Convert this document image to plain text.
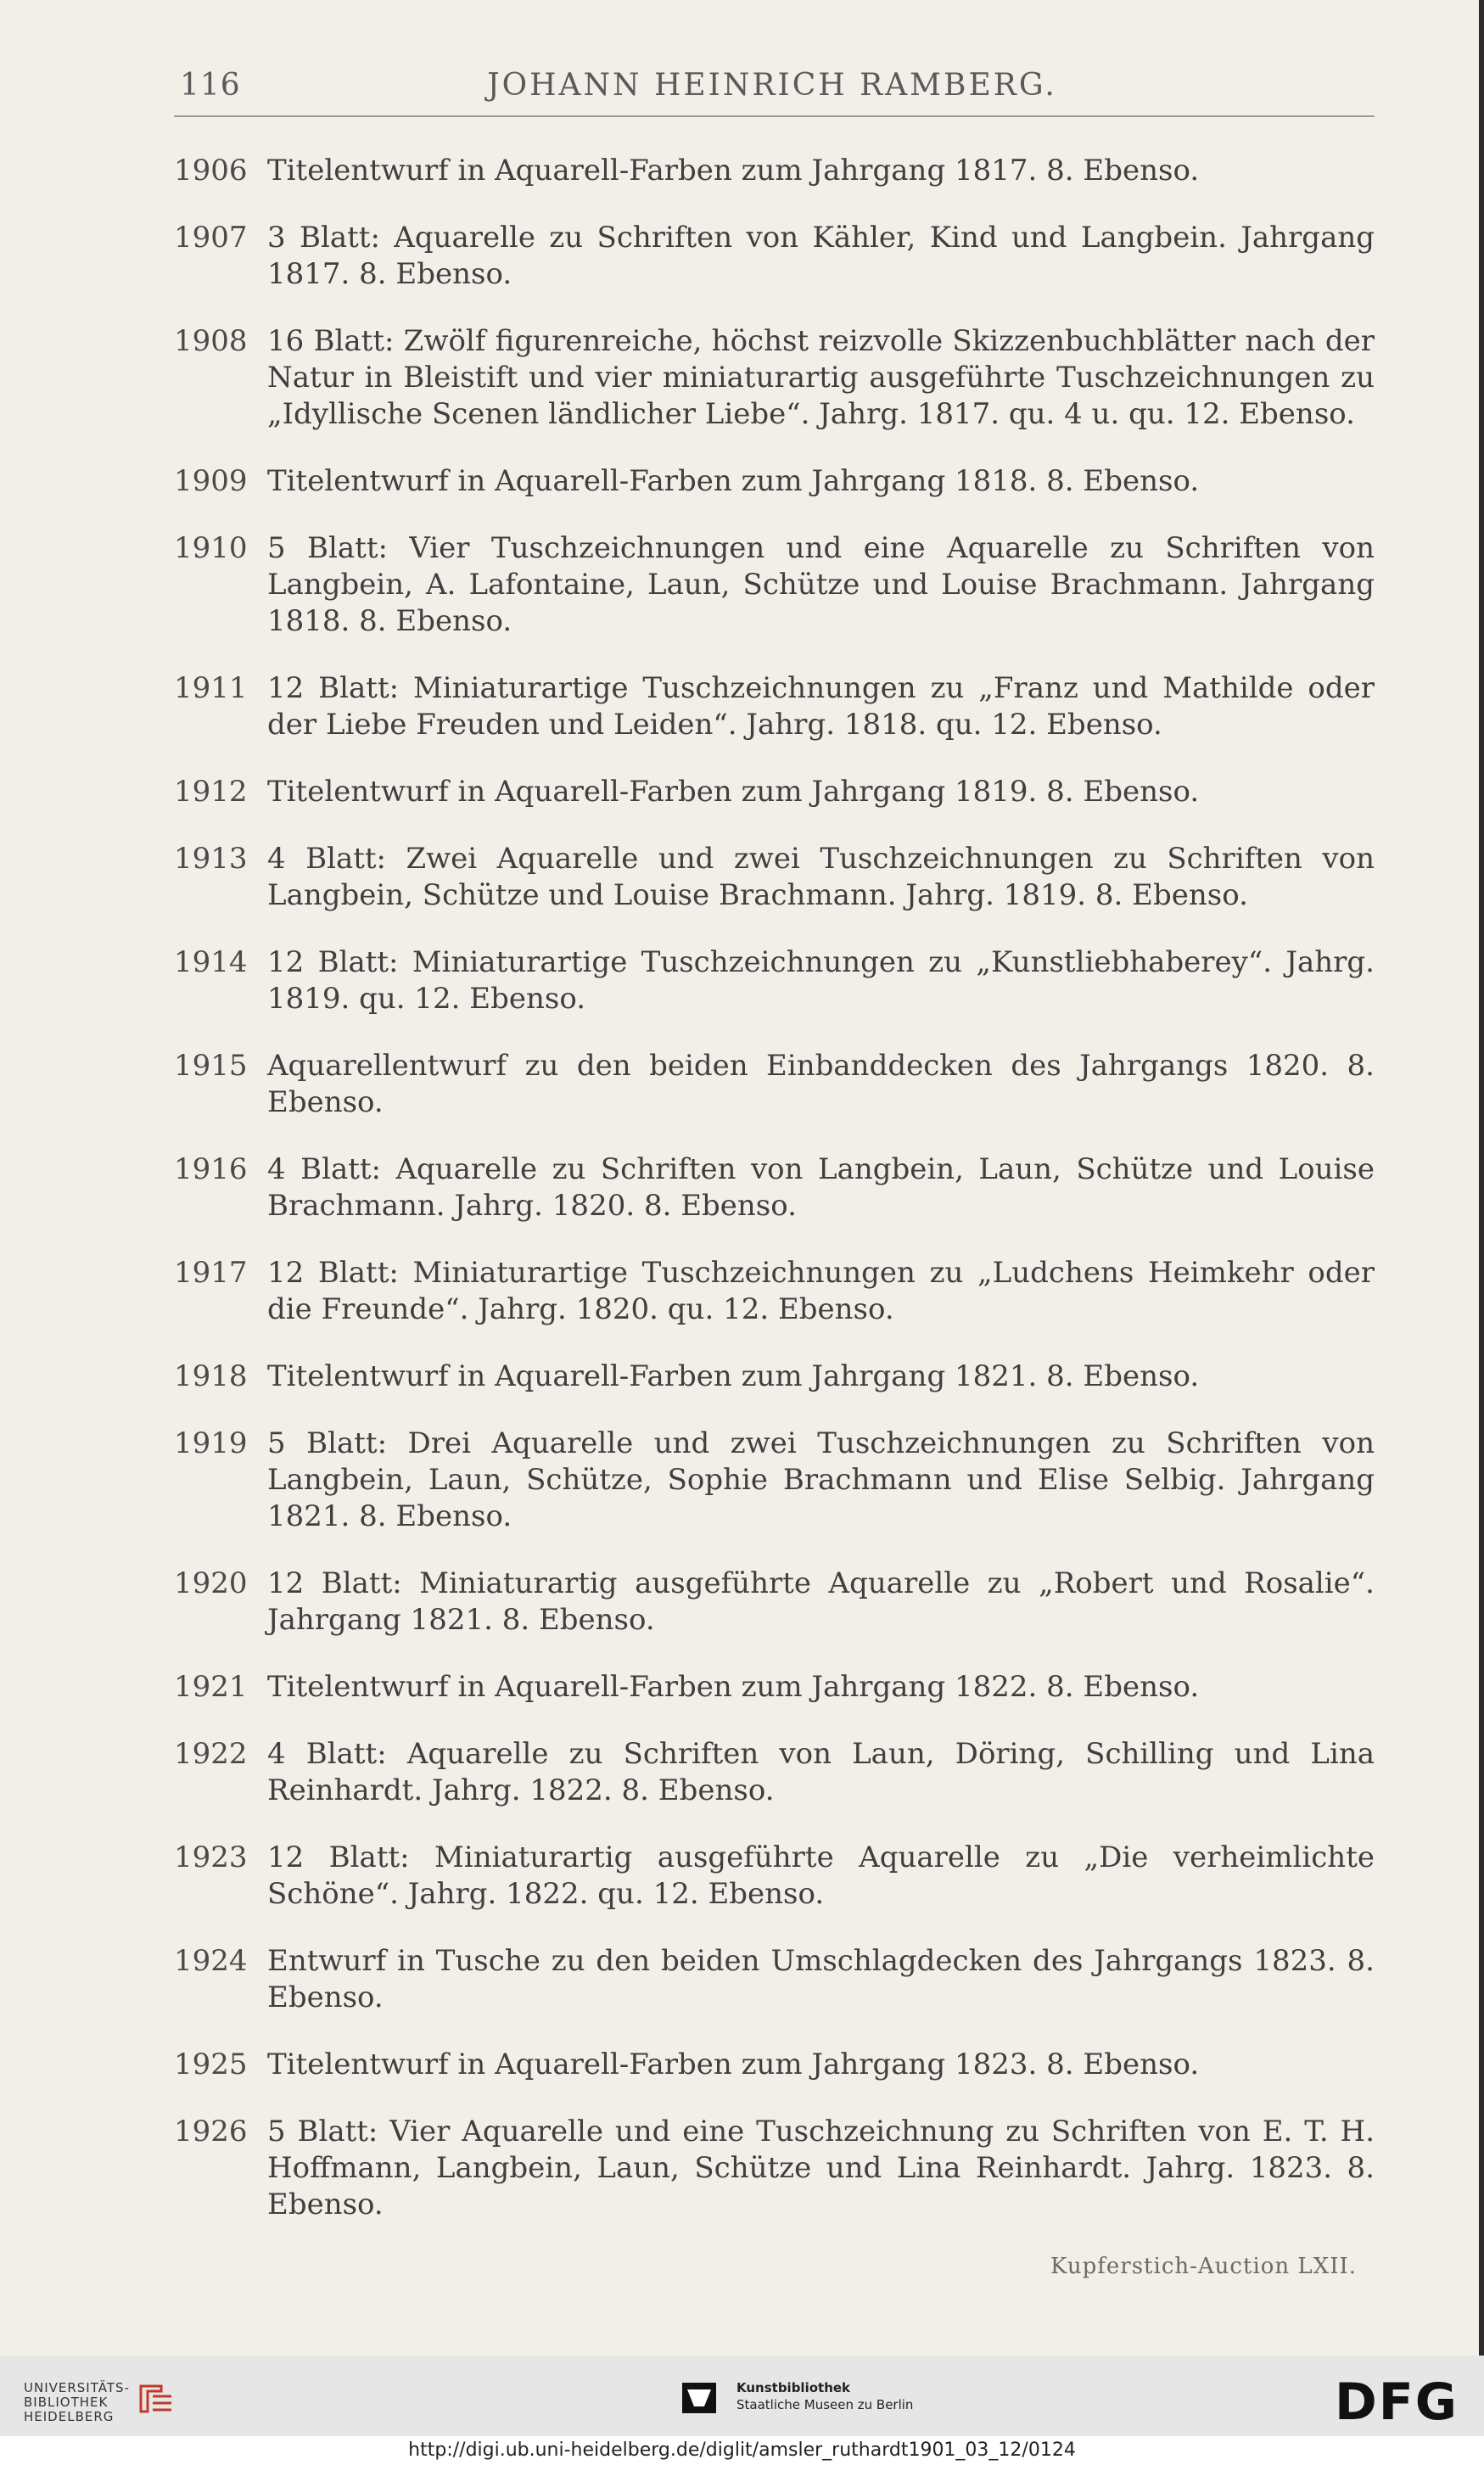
116	JOHANN HEINRICH RAMBERG.
1906 Titelentwurf in Aquarell-Farben zum Jahrgang 1817. 8. Ebenso.
1907 3 Blatt: Aquarelle zu Schriften von Kähler, Kind und Langbein. Jahrgang 1817. 8. Ebenso.
1908 16 Blatt: Zwölf figurenreiche, höchst reizvolle Skizzenbuchblätter nach der Natur in Bleistift und vier miniaturartig ausgeführte Tuschzeichnungen zu „Idyllische Scenen ländlicher Liebe“. Jahrg. 1817. qu. 4 u. qu. 12. Ebenso.
1909 Titelentwurf in Aquarell-Farben zum Jahrgang 1818. 8. Ebenso.
1910 5 Blatt: Vier Tuschzeichnungen und eine Aquarelle zu Schriften von Langbein, A. Lafontaine, Laun, Schütze und Louise Brachmann. Jahrgang 1818. 8. Ebenso.
1911 12 Blatt: Miniaturartige Tuschzeichnungen zu „Franz und Mathilde oder der Liebe Freuden und Leiden“. Jahrg. 1818. qu. 12. Ebenso.
1912 Titelentwurf in Aquarell-Farben zum Jahrgang 1819. 8. Ebenso.
1913 4 Blatt: Zwei Aquarelle und zwei Tuschzeichnungen zu Schriften von Langbein, Schütze und Louise Brachmann. Jahrg. 1819. 8. Ebenso.
1914 12 Blatt: Miniaturartige Tuschzeichnungen zu „Kunstliebhaberey“. Jahrg. 1819. qu. 12. Ebenso.
1915 Aquarellentwurf zu den beiden Einbanddecken des Jahrgangs 1820. 8. Ebenso.
1916 4 Blatt: Aquarelle zu Schriften von Langbein, Laun, Schütze und Louise Brachmann. Jahrg. 1820. 8. Ebenso.
1917 12 Blatt: Miniaturartige Tuschzeichnungen zu „Ludchens Heimkehr oder die Freunde“. Jahrg. 1820. qu. 12. Ebenso.
1918 Titelentwurf in Aquarell-Farben zum Jahrgang 1821. 8. Ebenso.
1919 5 Blatt: Drei Aquarelle und zwei Tuschzeichnungen zu Schriften von Langbein, Laun, Schütze, Sophie Brachmann und Elise Selbig. Jahrgang 1821. 8. Ebenso.
1920 12 Blatt: Miniaturartig ausgeführte Aquarelle zu „Robert und Rosalie“. Jahrgang 1821. 8. Ebenso.
1921 Titelentwurf in Aquarell-Farben zum Jahrgang 1822. 8. Ebenso.
1922 4 Blatt: Aquarelle zu Schriften von Laun, Döring, Schilling und Lina Reinhardt. Jahrg. 1822. 8. Ebenso.
1923 12 Blatt: Miniaturartig ausgeführte Aquarelle zu „Die verheimlichte Schöne“. Jahrg. 1822. qu. 12. Ebenso.
1924 Entwurf in Tusche zu den beiden Umschlagdecken des Jahrgangs 1823. 8. Ebenso.
1925 Titelentwurf in Aquarell-Farben zum Jahrgang 1823. 8. Ebenso.
1926 5 Blatt: Vier Aquarelle und eine Tuschzeichnung zu Schriften von E. T. H. Hoffmann, Langbein, Laun, Schütze und Lina Reinhardt. Jahrg. 1823. 8. Ebenso.
Kupferstich-Auction LXII.
UNIVERSITÄTS-
BIBLIOTHEK
HEIDELBERG
Kunstbibliothek
Staatliche Museen zu Berlin	DFG
http://digi.ub.uni-heidelberg.de/diglit/amsler_ruthardt1901_03_12/0124
